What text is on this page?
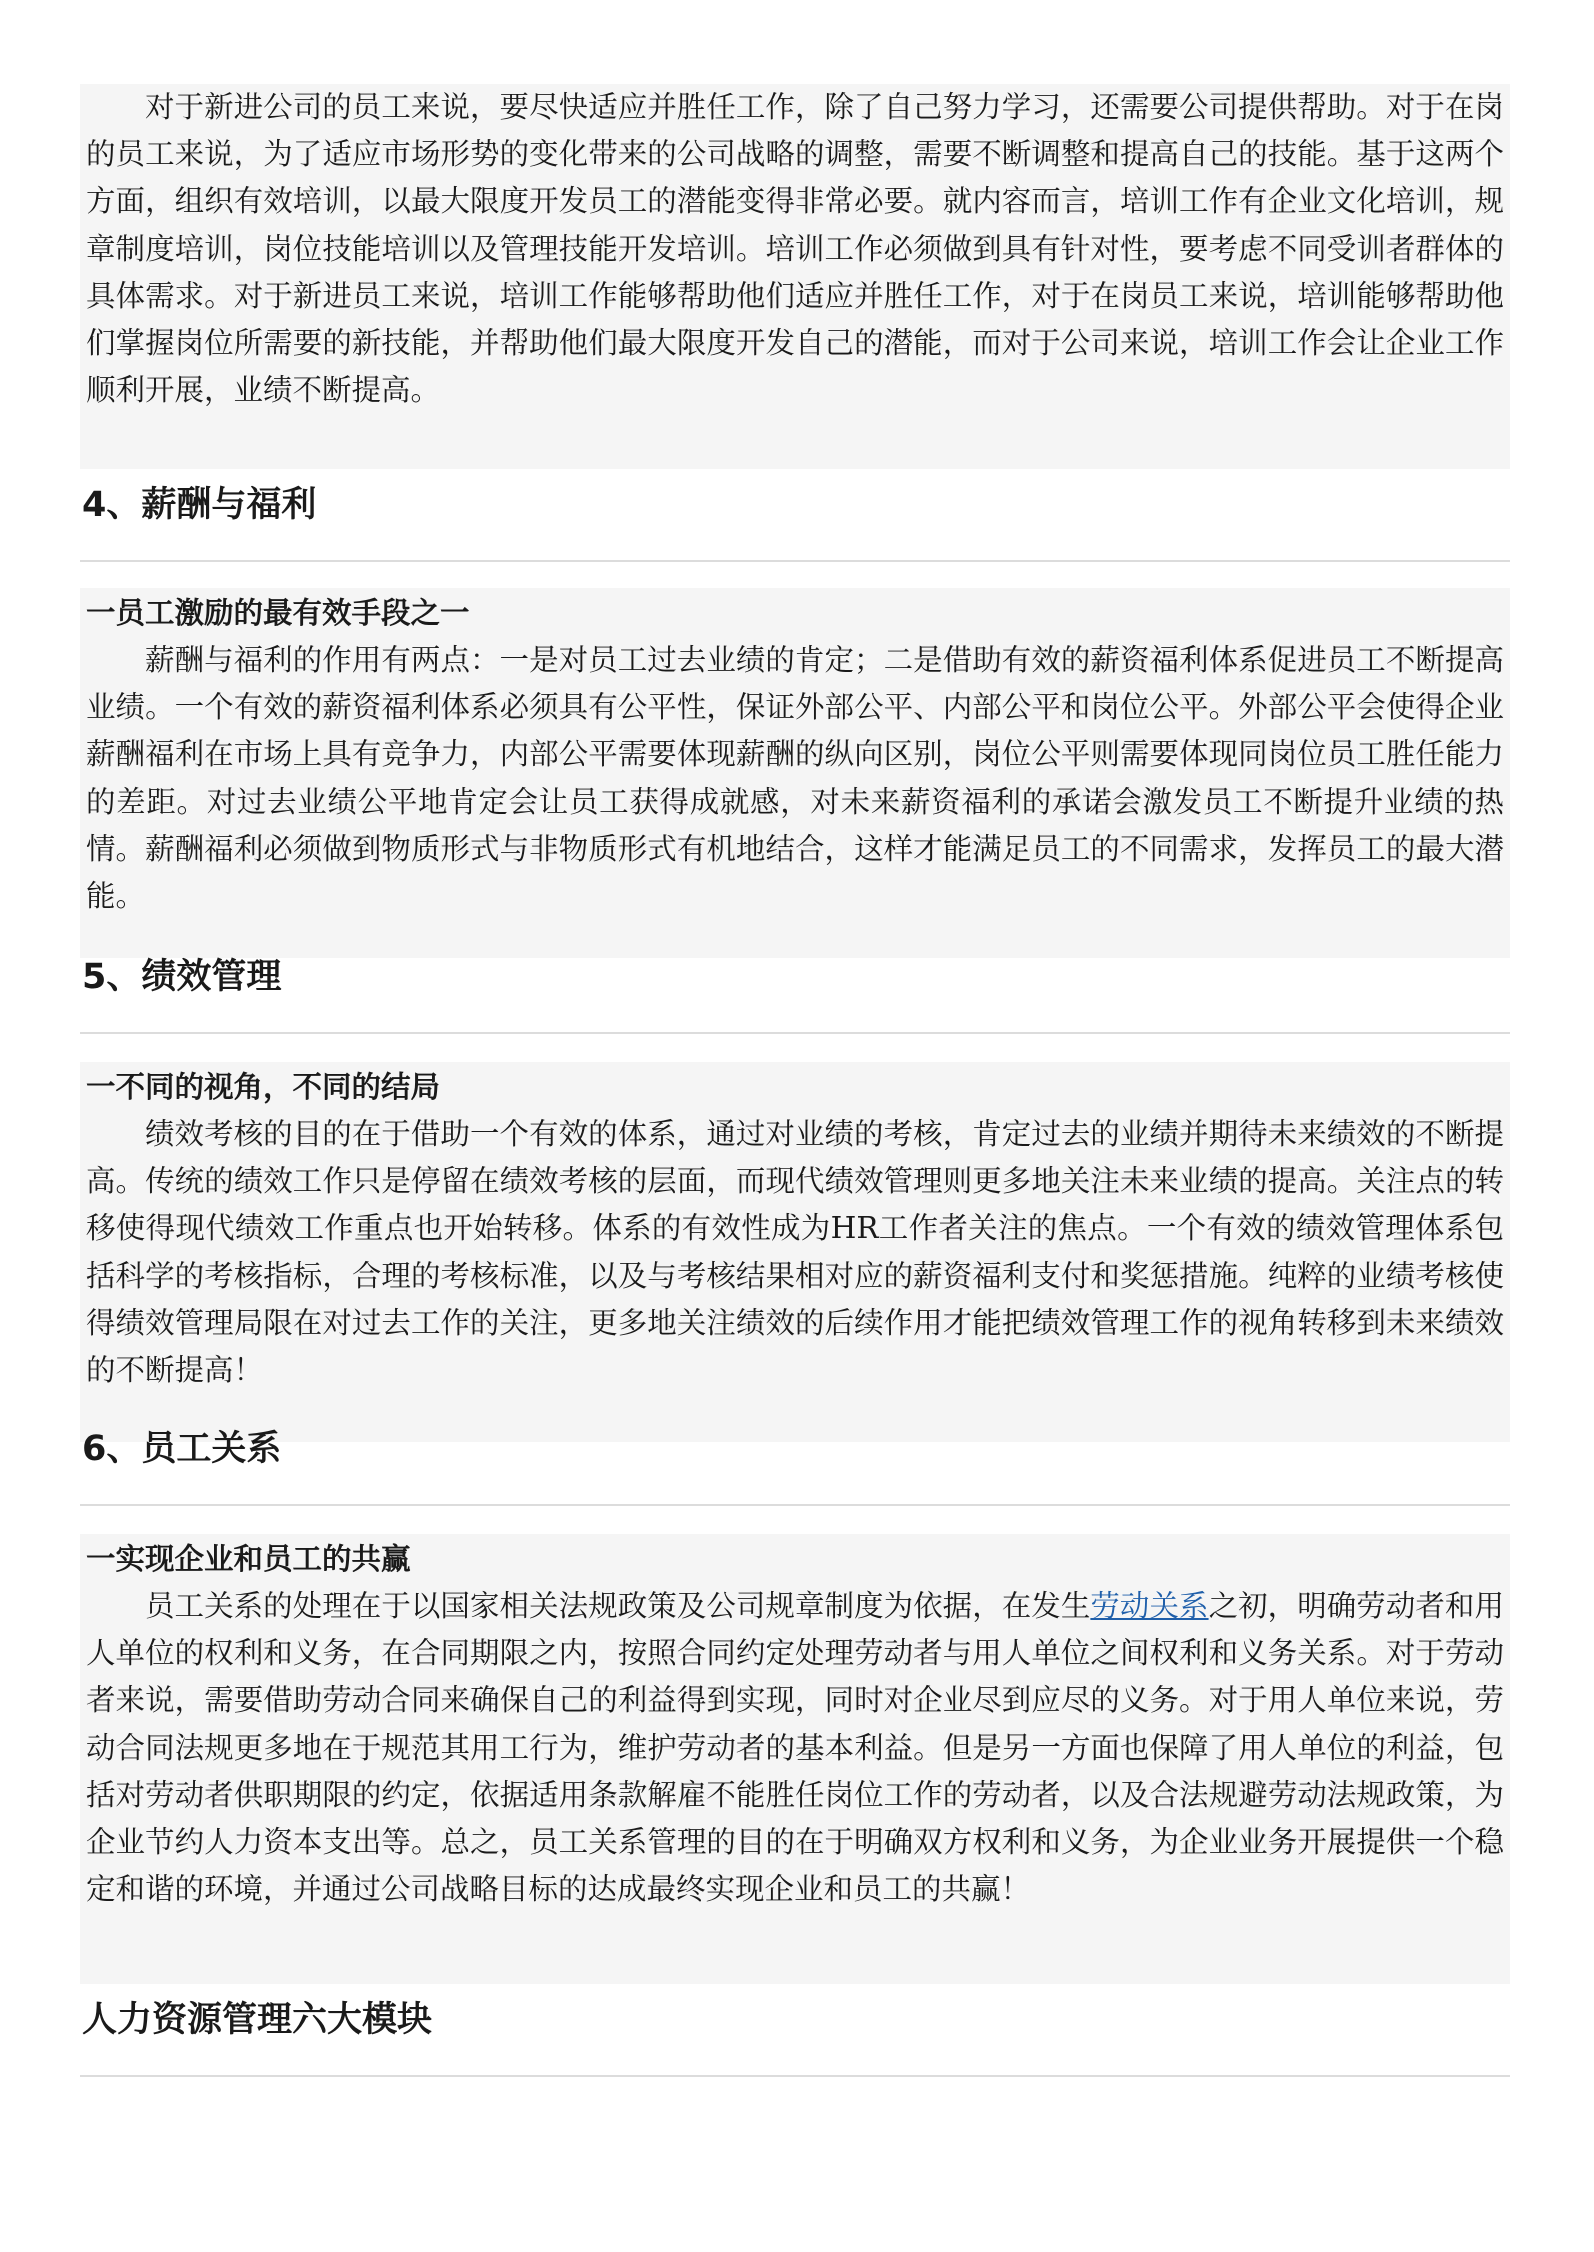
对于新进公司的员工来说，要尽快适应并胜任工作，除了自己努力学习，还需要公司提供帮助。对于在岗的员工来说，为了适应市场形势的变化带来的公司战略的调整，需要不断调整和提高自己的技能。基于这两个方面，组织有效培训，以最大限度开发员工的潜能变得非常必要。就内容而言，培训工作有企业文化培训，规章制度培训，岗位技能培训以及管理技能开发培训。培训工作必须做到具有针对性，要考虑不同受训者群体的具体需求。对于新进员工来说，培训工作能够帮助他们适应并胜任工作，对于在岗员工来说，培训能够帮助他们掌握岗位所需要的新技能，并帮助他们最大限度开发自己的潜能，而对于公司来说，培训工作会让企业工作顺利开展，业绩不断提高。

4、薪酬与福利

一员工激励的最有效手段之一

薪酬与福利的作用有两点：一是对员工过去业绩的肯定；二是借助有效的薪资福利体系促进员工不断提高业绩。一个有效的薪资福利体系必须具有公平性，保证外部公平、内部公平和岗位公平。外部公平会使得企业薪酬福利在市场上具有竞争力，内部公平需要体现薪酬的纵向区别，岗位公平则需要体现同岗位员工胜任能力的差距。对过去业绩公平地肯定会让员工获得成就感，对未来薪资福利的承诺会激发员工不断提升业绩的热情。薪酬福利必须做到物质形式与非物质形式有机地结合，这样才能满足员工的不同需求，发挥员工的最大潜能。

5、绩效管理

一不同的视角，不同的结局

绩效考核的目的在于借助一个有效的体系，通过对业绩的考核，肯定过去的业绩并期待未来绩效的不断提高。传统的绩效工作只是停留在绩效考核的层面，而现代绩效管理则更多地关注未来业绩的提高。关注点的转移使得现代绩效工作重点也开始转移。体系的有效性成为HR工作者关注的焦点。一个有效的绩效管理体系包括科学的考核指标，合理的考核标准，以及与考核结果相对应的薪资福利支付和奖惩措施。纯粹的业绩考核使得绩效管理局限在对过去工作的关注，更多地关注绩效的后续作用才能把绩效管理工作的视角转移到未来绩效的不断提高！

6、员工关系

一实现企业和员工的共赢

员工关系的处理在于以国家相关法规政策及公司规章制度为依据，在发生劳动关系之初，明确劳动者和用人单位的权利和义务，在合同期限之内，按照合同约定处理劳动者与用人单位之间权利和义务关系。对于劳动者来说，需要借助劳动合同来确保自己的利益得到实现，同时对企业尽到应尽的义务。对于用人单位来说，劳动合同法规更多地在于规范其用工行为，维护劳动者的基本利益。但是另一方面也保障了用人单位的利益，包括对劳动者供职期限的约定，依据适用条款解雇不能胜任岗位工作的劳动者，以及合法规避劳动法规政策，为企业节约人力资本支出等。总之，员工关系管理的目的在于明确双方权利和义务，为企业业务开展提供一个稳定和谐的环境，并通过公司战略目标的达成最终实现企业和员工的共赢！

人力资源管理六大模块
